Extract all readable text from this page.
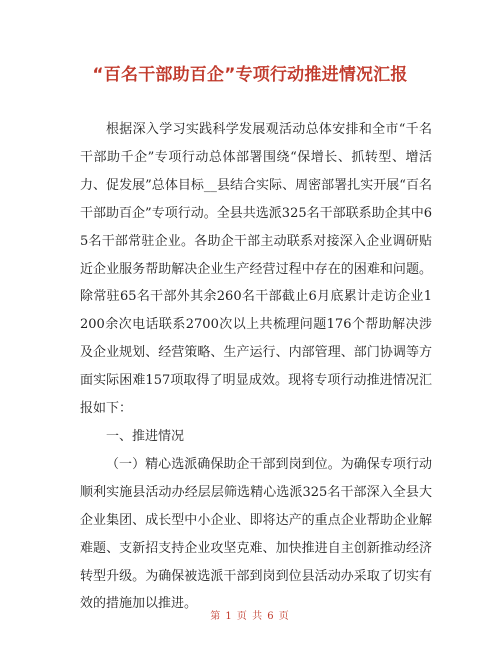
“百名干部助百企”专项行动推进情况汇报

根据深入学习实践科学发展观活动总体安排和全市“千名干部助千企”专项行动总体部署围绕“保增长、抓转型、增活力、促发展”总体目标__县结合实际、周密部署扎实开展“百名干部助百企”专项行动。全县共选派325名干部联系助企其中65名干部常驻企业。各助企干部主动联系对接深入企业调研贴近企业服务帮助解决企业生产经营过程中存在的困难和问题。除常驻65名干部外其余260名干部截止6月底累计走访企业1200余次电话联系2700次以上共梳理问题176个帮助解决涉及企业规划、经营策略、生产运行、内部管理、部门协调等方面实际困难157项取得了明显成效。现将专项行动推进情况汇报如下：

一、推进情况

（一）精心选派确保助企干部到岗到位。为确保专项行动顺利实施县活动办经层层筛选精心选派325名干部深入全县大企业集团、成长型中小企业、即将达产的重点企业帮助企业解难题、支新招支持企业攻坚克难、加快推进自主创新推动经济转型升级。为确保被选派干部到岗到位县活动办采取了切实有效的措施加以推进。

第 1 页 共 6 页
